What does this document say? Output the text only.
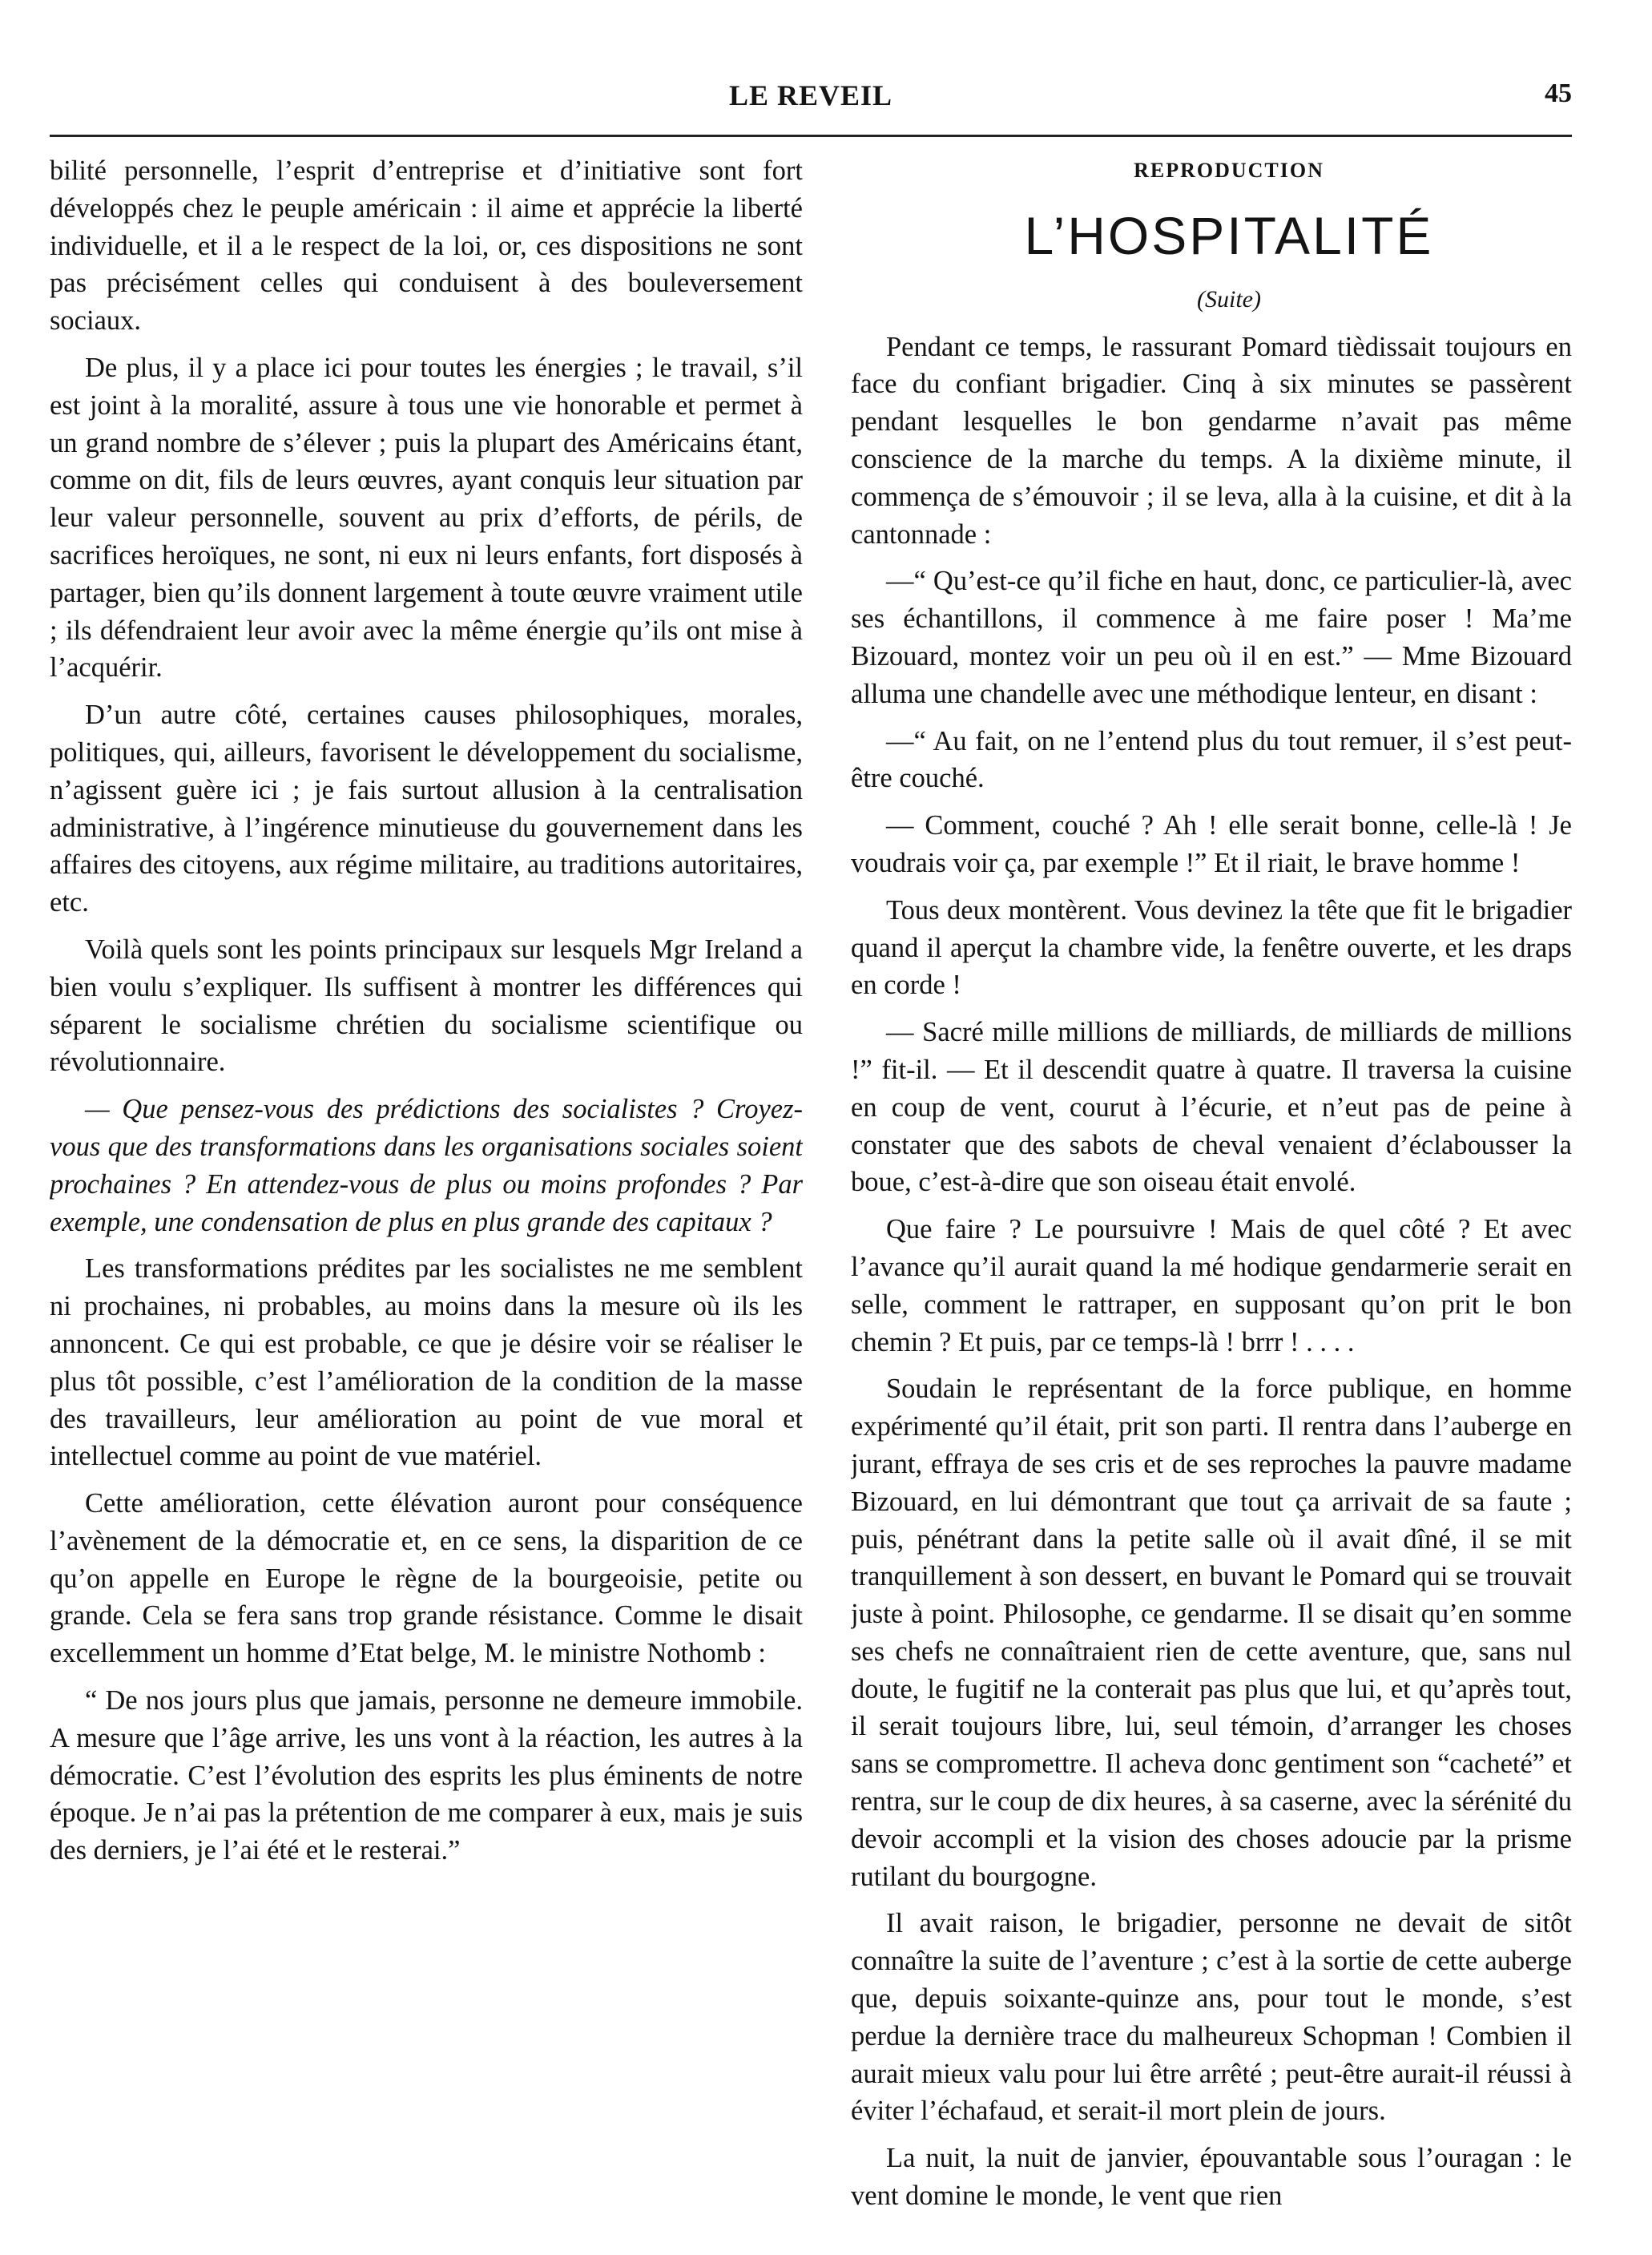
LE REVEIL	45

bilité personnelle, l’esprit d’entreprise et d’initiative sont fort développés chez le peuple américain : il aime et apprécie la liberté individuelle, et il a le respect de la loi, or, ces dispositions ne sont pas précisément celles qui conduisent à des bouleversement sociaux.

De plus, il y a place ici pour toutes les énergies ; le travail, s’il est joint à la moralité, assure à tous une vie honorable et permet à un grand nombre de s’élever ; puis la plupart des Américains étant, comme on dit, fils de leurs œuvres, ayant conquis leur situation par leur valeur personnelle, souvent au prix d’efforts, de périls, de sacrifices heroïques, ne sont, ni eux ni leurs enfants, fort disposés à partager, bien qu’ils donnent largement à toute œuvre vraiment utile ; ils défendraient leur avoir avec la même énergie qu’ils ont mise à l’acquérir.

D’un autre côté, certaines causes philosophiques, morales, politiques, qui, ailleurs, favorisent le développement du socialisme, n’agissent guère ici ; je fais surtout allusion à la centralisation administrative, à l’ingérence minutieuse du gouvernement dans les affaires des citoyens, aux régime militaire, au traditions autoritaires, etc.

Voilà quels sont les points principaux sur lesquels Mgr Ireland a bien voulu s’expliquer. Ils suffisent à montrer les différences qui séparent le socialisme chrétien du socialisme scientifique ou révolutionnaire.

— Que pensez-vous des prédictions des socialistes ? Croyez-vous que des transformations dans les organisations sociales soient prochaines ? En attendez-vous de plus ou moins profondes ? Par exemple, une condensation de plus en plus grande des capitaux ?

Les transformations prédites par les socialistes ne me semblent ni prochaines, ni probables, au moins dans la mesure où ils les annoncent. Ce qui est probable, ce que je désire voir se réaliser le plus tôt possible, c’est l’amélioration de la condition de la masse des travailleurs, leur amélioration au point de vue moral et intellectuel comme au point de vue matériel.

Cette amélioration, cette élévation auront pour conséquence l’avènement de la démocratie et, en ce sens, la disparition de ce qu’on appelle en Europe le règne de la bourgeoisie, petite ou grande. Cela se fera sans trop grande résistance. Comme le disait excellemment un homme d’Etat belge, M. le ministre Nothomb :

“ De nos jours plus que jamais, personne ne demeure immobile. A mesure que l’âge arrive, les uns vont à la réaction, les autres à la démocratie. C’est l’évolution des esprits les plus éminents de notre époque. Je n’ai pas la prétention de me comparer à eux, mais je suis des derniers, je l’ai été et le resterai.”

REPRODUCTION

L’HOSPITALITÉ

(Suite)

Pendant ce temps, le rassurant Pomard tièdissait toujours en face du confiant brigadier. Cinq à six minutes se passèrent pendant lesquelles le bon gendarme n’avait pas même conscience de la marche du temps. A la dixième minute, il commença de s’émouvoir ; il se leva, alla à la cuisine, et dit à la cantonnade :

—“ Qu’est-ce qu’il fiche en haut, donc, ce particulier-là, avec ses échantillons, il commence à me faire poser ! Ma’me Bizouard, montez voir un peu où il en est.” — Mme Bizouard alluma une chandelle avec une méthodique lenteur, en disant :

—“ Au fait, on ne l’entend plus du tout remuer, il s’est peut-être couché.

— Comment, couché ? Ah ! elle serait bonne, celle-là ! Je voudrais voir ça, par exemple !” Et il riait, le brave homme !

Tous deux montèrent. Vous devinez la tête que fit le brigadier quand il aperçut la chambre vide, la fenêtre ouverte, et les draps en corde !

— Sacré mille millions de milliards, de milliards de millions !” fit-il. — Et il descendit quatre à quatre. Il traversa la cuisine en coup de vent, courut à l’écurie, et n’eut pas de peine à constater que des sabots de cheval venaient d’éclabousser la boue, c’est-à-dire que son oiseau était envolé.

Que faire ? Le poursuivre ! Mais de quel côté ? Et avec l’avance qu’il aurait quand la mé hodique gendarmerie serait en selle, comment le rattraper, en supposant qu’on prit le bon chemin ? Et puis, par ce temps-là ! brrr ! . . . .

Soudain le représentant de la force publique, en homme expérimenté qu’il était, prit son parti. Il rentra dans l’auberge en jurant, effraya de ses cris et de ses reproches la pauvre madame Bizouard, en lui démontrant que tout ça arrivait de sa faute ; puis, pénétrant dans la petite salle où il avait dîné, il se mit tranquillement à son dessert, en buvant le Pomard qui se trouvait juste à point. Philosophe, ce gendarme. Il se disait qu’en somme ses chefs ne connaîtraient rien de cette aventure, que, sans nul doute, le fugitif ne la conterait pas plus que lui, et qu’après tout, il serait toujours libre, lui, seul témoin, d’arranger les choses sans se compromettre. Il acheva donc gentiment son “cacheté” et rentra, sur le coup de dix heures, à sa caserne, avec la sérénité du devoir accompli et la vision des choses adoucie par la prisme rutilant du bourgogne.

Il avait raison, le brigadier, personne ne devait de sitôt connaître la suite de l’aventure ; c’est à la sortie de cette auberge que, depuis soixante-quinze ans, pour tout le monde, s’est perdue la dernière trace du malheureux Schopman ! Combien il aurait mieux valu pour lui être arrêté ; peut-être aurait-il réussi à éviter l’échafaud, et serait-il mort plein de jours.

La nuit, la nuit de janvier, épouvantable sous l’ouragan : le vent domine le monde, le vent que rien
